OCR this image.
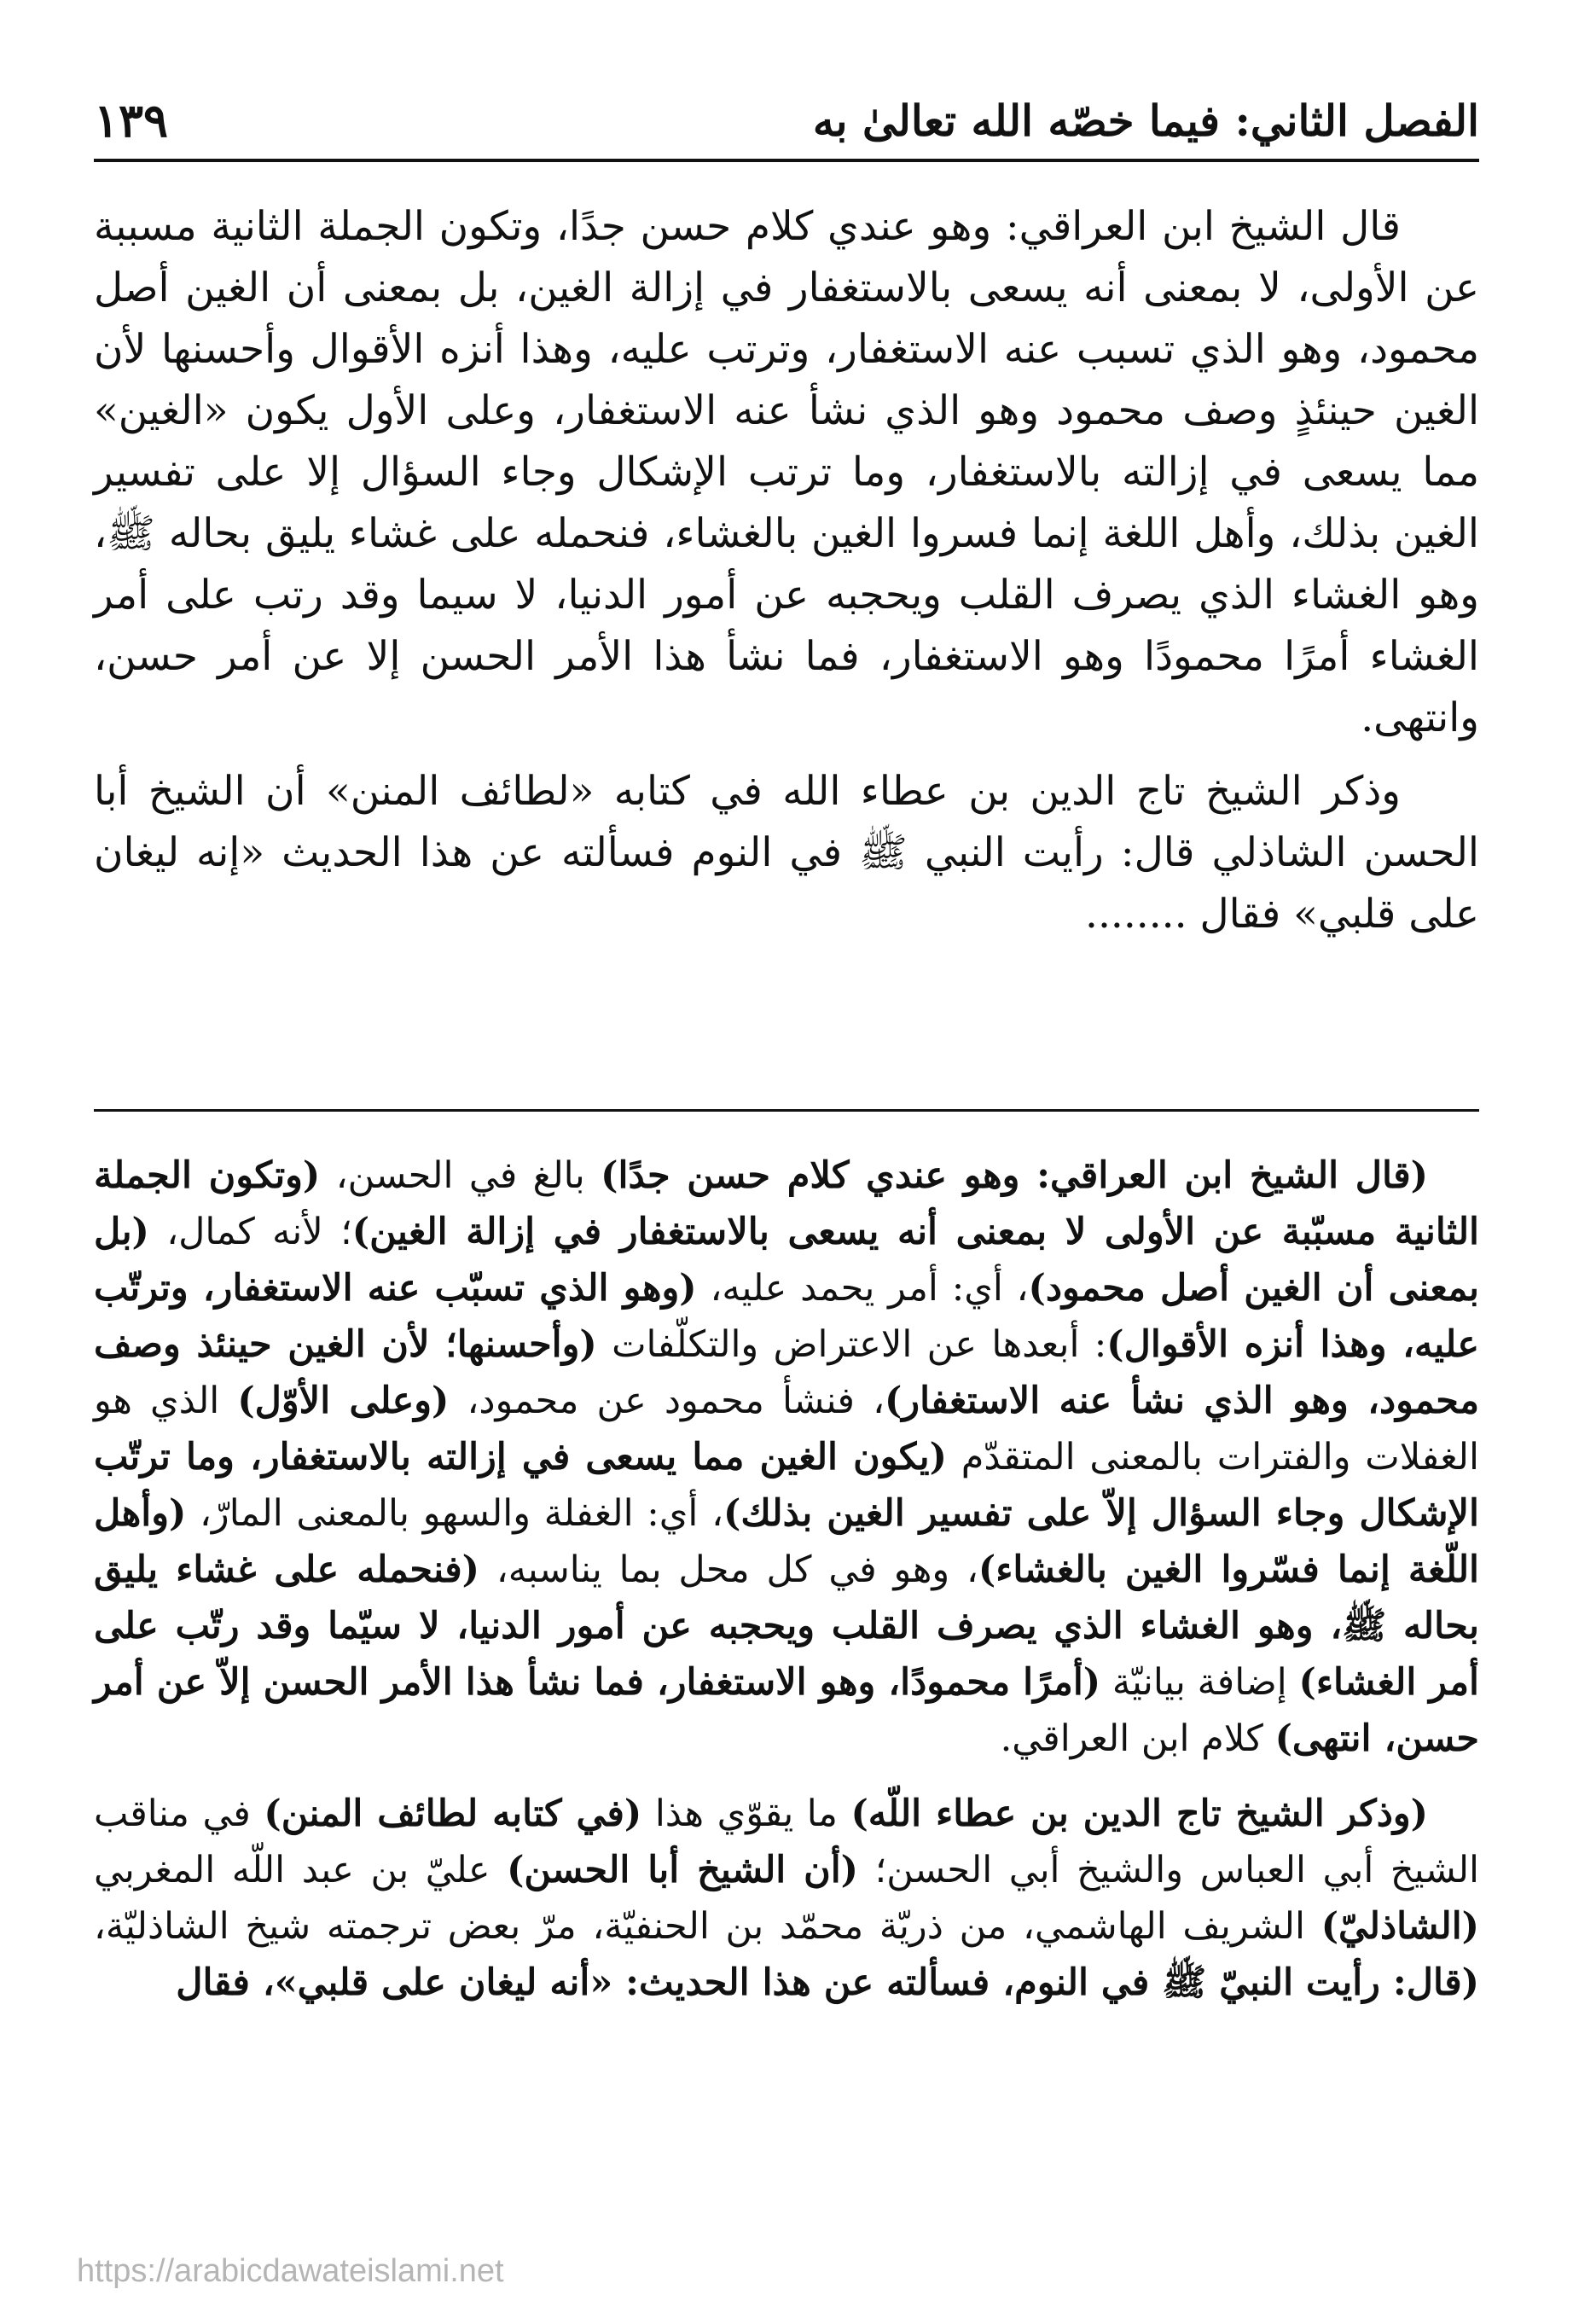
الفصل الثاني: فيما خصّه الله تعالىٰ به
١٣٩

قال الشيخ ابن العراقي: وهو عندي كلام حسن جدًا، وتكون الجملة الثانية مسببة عن الأولى، لا بمعنى أنه يسعى بالاستغفار في إزالة الغين، بل بمعنى أن الغين أصل محمود، وهو الذي تسبب عنه الاستغفار، وترتب عليه، وهذا أنزه الأقوال وأحسنها لأن الغين حينئذٍ وصف محمود وهو الذي نشأ عنه الاستغفار، وعلى الأول يكون «الغين» مما يسعى في إزالته بالاستغفار، وما ترتب الإشكال وجاء السؤال إلا على تفسير الغين بذلك، وأهل اللغة إنما فسروا الغين بالغشاء، فنحمله على غشاء يليق بحاله ﷺ، وهو الغشاء الذي يصرف القلب ويحجبه عن أمور الدنيا، لا سيما وقد رتب على أمر الغشاء أمرًا محمودًا وهو الاستغفار، فما نشأ هذا الأمر الحسن إلا عن أمر حسن، وانتهى.

وذكر الشيخ تاج الدين بن عطاء الله في كتابه «لطائف المنن» أن الشيخ أبا الحسن الشاذلي قال: رأيت النبي ﷺ في النوم فسألته عن هذا الحديث «إنه ليغان على قلبي» فقال ........

(قال الشيخ ابن العراقي: وهو عندي كلام حسن جدًا) بالغ في الحسن، (وتكون الجملة الثانية مسبّبة عن الأولى لا بمعنى أنه يسعى بالاستغفار في إزالة الغين)؛ لأنه كمال، (بل بمعنى أن الغين أصل محمود)، أي: أمر يحمد عليه، (وهو الذي تسبّب عنه الاستغفار، وترتّب عليه، وهذا أنزه الأقوال): أبعدها عن الاعتراض والتكلّفات (وأحسنها؛ لأن الغين حينئذ وصف محمود، وهو الذي نشأ عنه الاستغفار)، فنشأ محمود عن محمود، (وعلى الأوّل) الذي هو الغفلات والفترات بالمعنى المتقدّم (يكون الغين مما يسعى في إزالته بالاستغفار، وما ترتّب الإشكال وجاء السؤال إلاّ على تفسير الغين بذلك)، أي: الغفلة والسهو بالمعنى المارّ، (وأهل اللّغة إنما فسّروا الغين بالغشاء)، وهو في كل محل بما يناسبه، (فنحمله على غشاء يليق بحاله ﷺ، وهو الغشاء الذي يصرف القلب ويحجبه عن أمور الدنيا، لا سيّما وقد رتّب على أمر الغشاء) إضافة بيانيّة (أمرًا محمودًا، وهو الاستغفار، فما نشأ هذا الأمر الحسن إلاّ عن أمر حسن، انتهى) كلام ابن العراقي.

(وذكر الشيخ تاج الدين بن عطاء اللّه) ما يقوّي هذا (في كتابه لطائف المنن) في مناقب الشيخ أبي العباس والشيخ أبي الحسن؛ (أن الشيخ أبا الحسن) عليّ بن عبد اللّه المغربي (الشاذليّ) الشريف الهاشمي، من ذريّة محمّد بن الحنفيّة، مرّ بعض ترجمته شيخ الشاذليّة، (قال: رأيت النبيّ ﷺ في النوم، فسألته عن هذا الحديث: «أنه ليغان على قلبي»، فقال

https://arabicdawateislami.net
